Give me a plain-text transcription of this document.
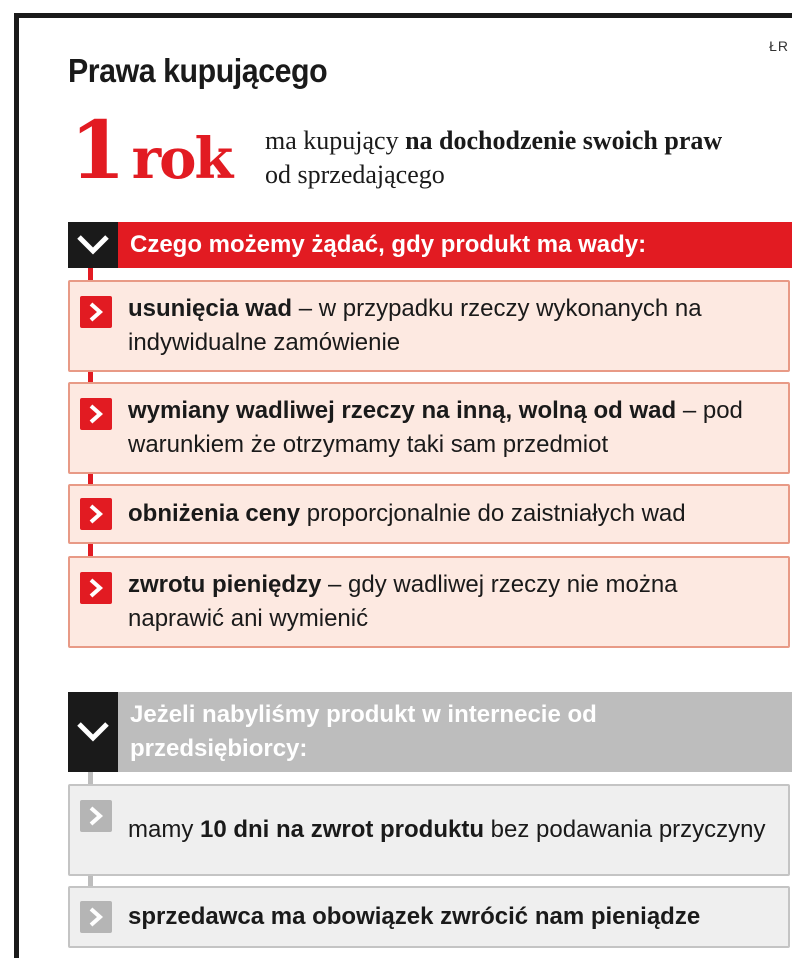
ŁR
Prawa kupującego
1 rok ma kupujący na dochodzenie swoich praw od sprzedającego
Czego możemy żądać, gdy produkt ma wady:
usunięcia wad – w przypadku rzeczy wykonanych na indywidualne zamówienie
wymiany wadliwej rzeczy na inną, wolną od wad – pod warunkiem że otrzymamy taki sam przedmiot
obniżenia ceny proporcjonalnie do zaistniałych wad
zwrotu pieniędzy – gdy wadliwej rzeczy nie można naprawić ani wymienić
Jeżeli nabyliśmy produkt w internecie od przedsiębiorcy:
mamy 10 dni na zwrot produktu bez podawania przyczyny
sprzedawca ma obowiązek zwrócić nam pieniądze
